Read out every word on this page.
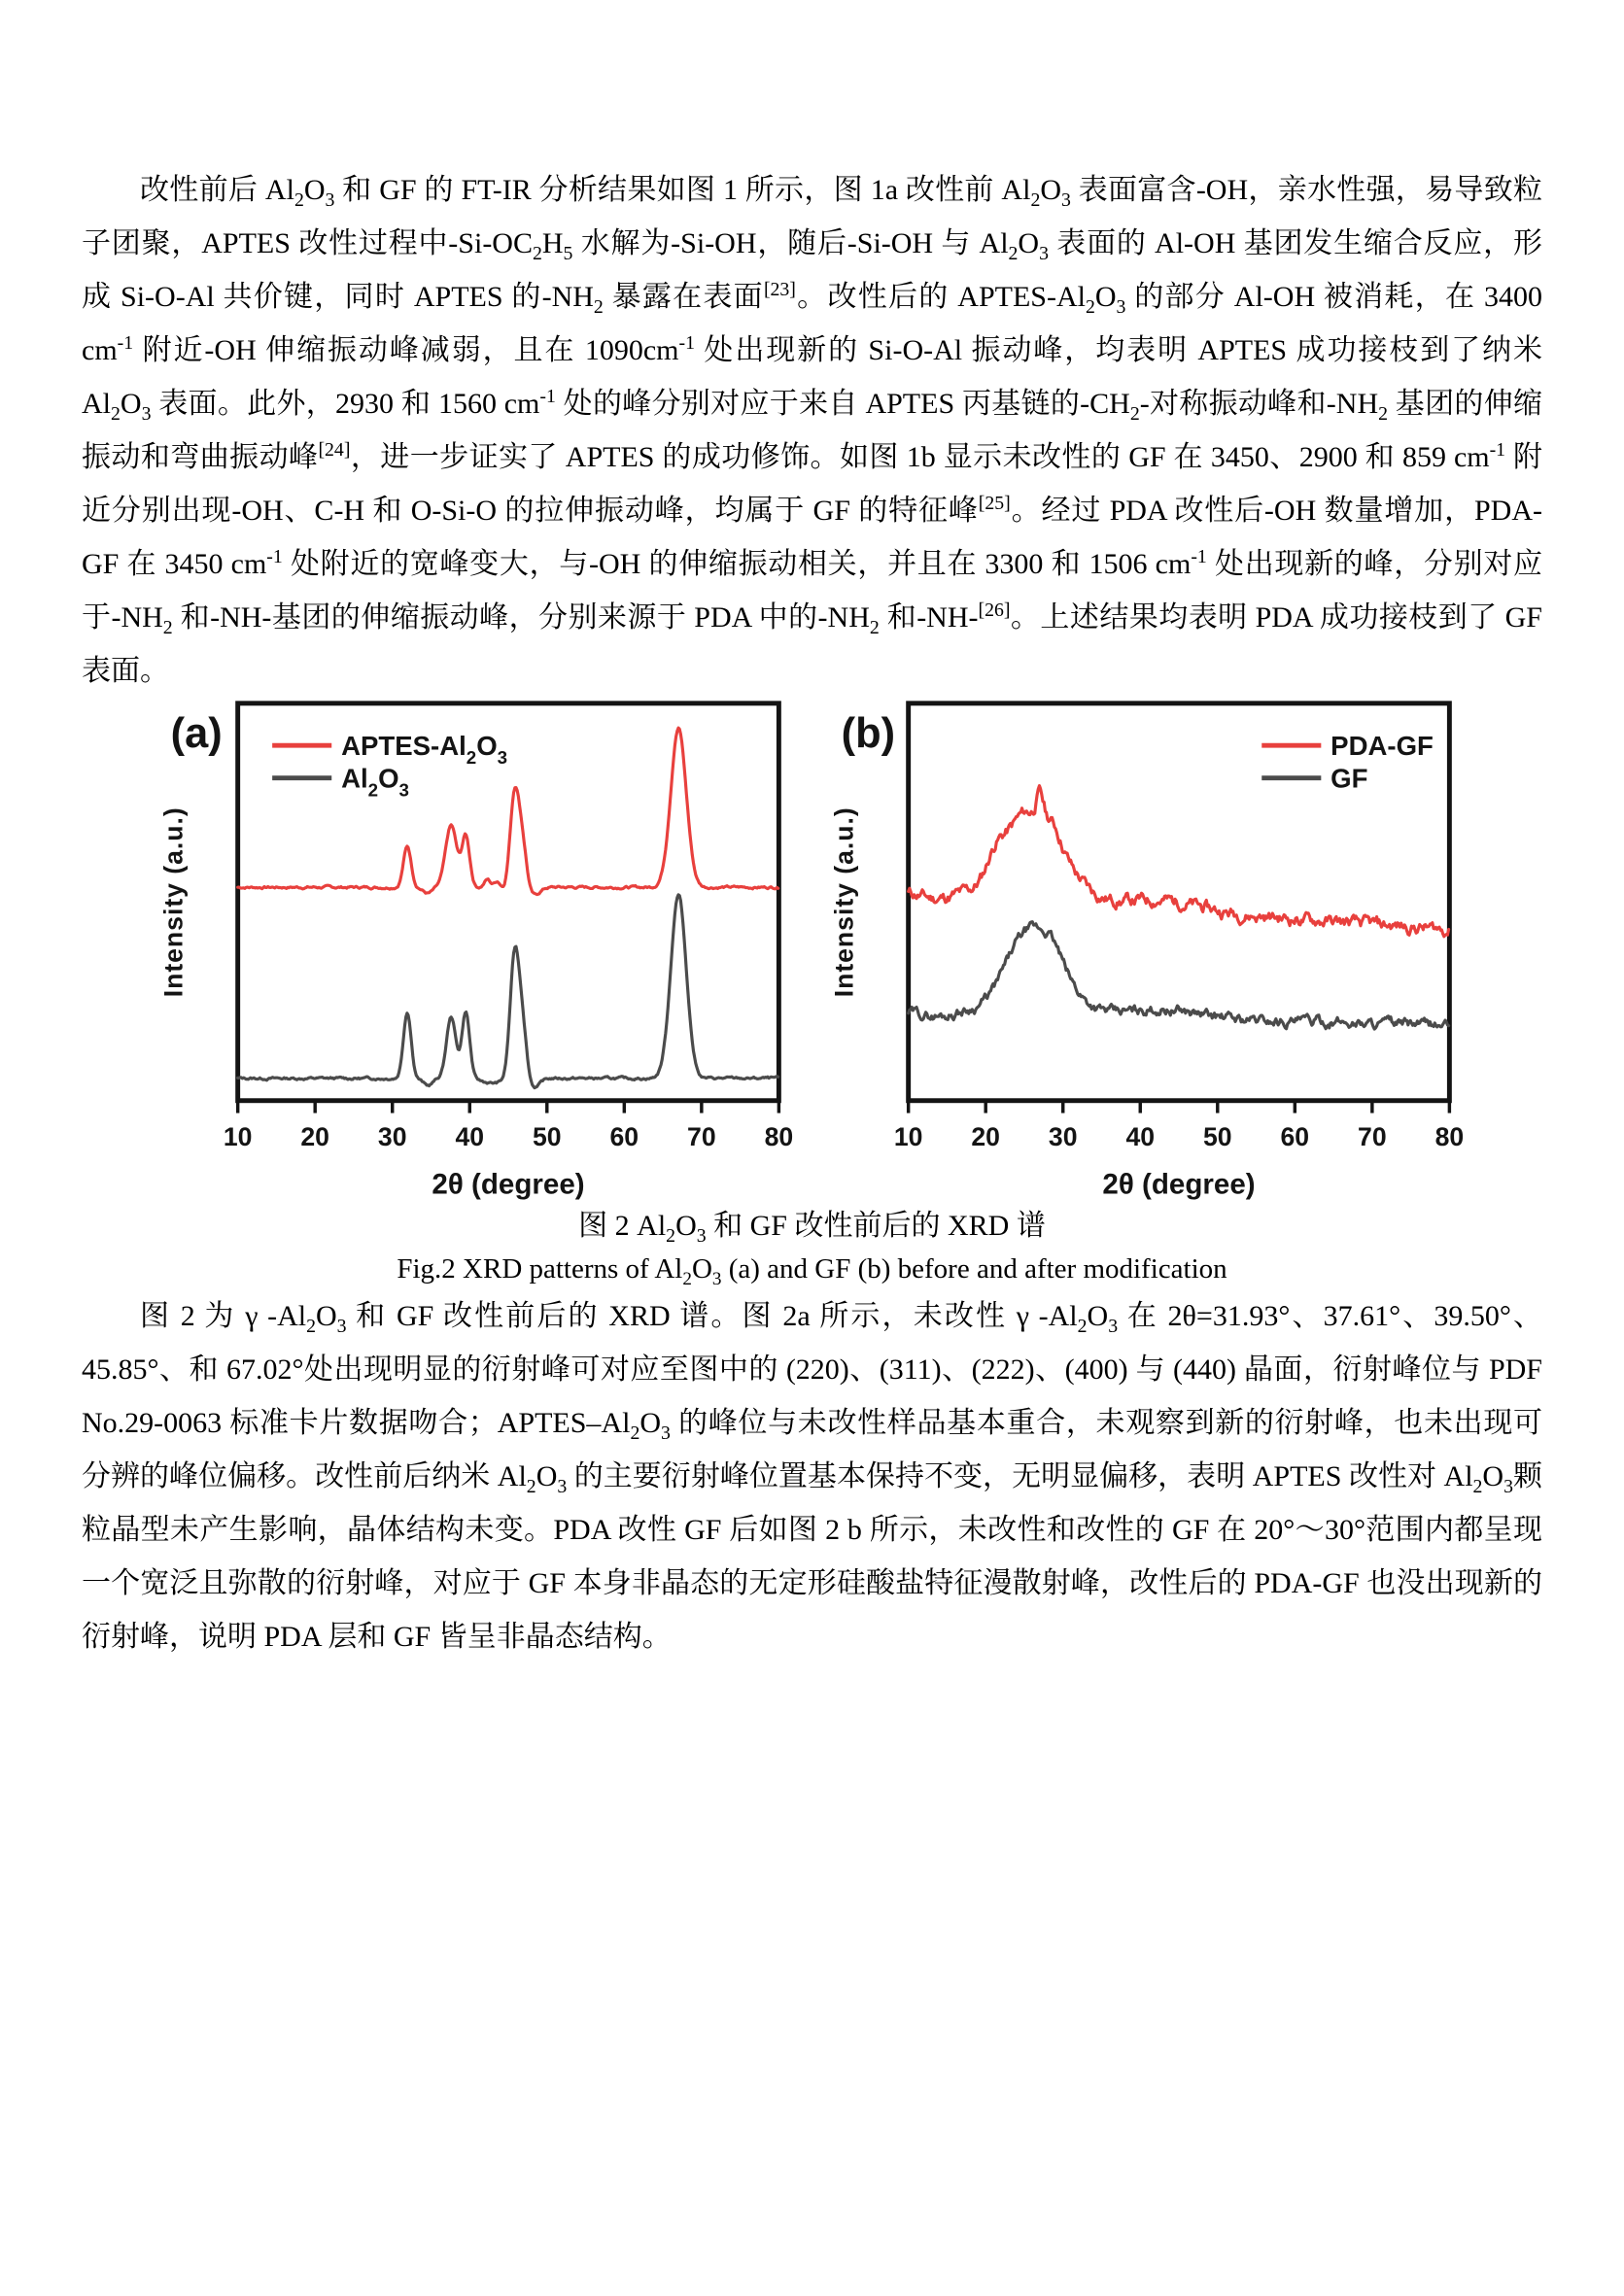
改性前后 $Al_2O_3$ 和 GF 的 FT-IR 分析结果如图 1 所示，图 1a 改性前 $Al_2O_3$ 表面富含-OH，亲水性强，易导致粒子团聚，APTES 改性过程中$-Si-OC_2H_5$ 水解为-Si-OH，随后-Si-OH 与 $Al_2O_3$ 表面的 Al-OH 基团发生缩合反应，形成 Si-O-Al 共价键，同时 APTES 的$-NH_2$ 暴露在表面[23]。改性后的 APTES-$Al_2O_3$ 的部分 Al-OH 被消耗，在 3400 $cm^{-1}$ 附近-OH 伸缩振动峰减弱，且在 $1090cm^{-1}$ 处出现新的 Si-O-Al 振动峰，均表明 APTES 成功接枝到了纳米 $Al_2O_3$ 表面。此外，2930 和 1560 $cm^{-1}$ 处的峰分别对应于来自 APTES 丙基链的$-CH_2-$对称振动峰和$-NH_2$ 基团的伸缩振动和弯曲振动峰[24]，进一步证实了 APTES 的成功修饰。如图 1b 显示未改性的 GF 在 3450、2900 和 859 $cm^{-1}$ 附近分别出现-OH、C-H 和 O-Si-O 的拉伸振动峰，均属于 GF 的特征峰[25]。经过 PDA 改性后-OH 数量增加，PDA-GF 在 3450 $cm^{-1}$ 处附近的宽峰变大，与-OH 的伸缩振动相关，并且在 3300 和 1506 $cm^{-1}$ 处出现新的峰，分别对应于$-NH_2$ 和-NH-基团的伸缩振动峰，分别来源于 PDA 中的$-NH_2$ 和-NH-[26]。上述结果均表明 PDA 成功接枝到了 GF 表面。

10 20 30 40 50 60 70 80
2θ (degree)
Intensity (a.u.)
(a)	APTES-$Al_2O_3$
$Al_2O_3$
10 20 30 40 50 60 70 80
2θ (degree)
Intensity (a.u.)
(b)	PDA-GF
GF
图 2 $Al_2O_3$ 和 GF 改性前后的 XRD 谱
Fig.2 XRD patterns of $Al_2O_3$ (a) and GF (b) before and after modification

图 2 为 γ $-Al_2O_3$ 和 GF 改性前后的 XRD 谱。图 2a 所示，未改性 γ $-Al_2O_3$ 在 2θ=31.93°、37.61°、39.50°、45.85°、和 67.02°处出现明显的衍射峰可对应至图中的 (220)、(311)、(222)、(400) 与 (440) 晶面，衍射峰位与 PDF No.29-0063 标准卡片数据吻合；APTES–$Al_2O_3$ 的峰位与未改性样品基本重合，未观察到新的衍射峰，也未出现可分辨的峰位偏移。改性前后纳米 $Al_2O_3$ 的主要衍射峰位置基本保持不变，无明显偏移，表明 APTES 改性对 $Al_2O_3$颗粒晶型未产生影响，晶体结构未变。PDA 改性 GF 后如图 2 b 所示，未改性和改性的 GF 在 20°～30°范围内都呈现一个宽泛且弥散的衍射峰，对应于 GF 本身非晶态的无定形硅酸盐特征漫散射峰，改性后的 PDA-GF 也没出现新的衍射峰，说明 PDA 层和 GF 皆呈非晶态结构。
